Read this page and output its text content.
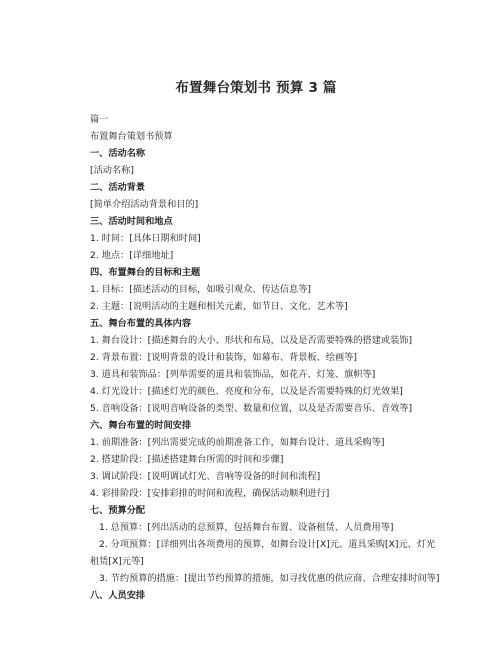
布置舞台策划书 预算 3 篇
篇一
布置舞台策划书预算
一、活动名称
[活动名称]
二、活动背景
[简单介绍活动背景和目的]
三、活动时间和地点
1. 时间：[具体日期和时间]
2. 地点：[详细地址]
四、布置舞台的目标和主题
1. 目标：[描述活动的目标，如吸引观众、传达信息等]
2. 主题：[说明活动的主题和相关元素，如节日、文化、艺术等]
五、舞台布置的具体内容
1. 舞台设计：[描述舞台的大小、形状和布局，以及是否需要特殊的搭建或装饰]
2. 背景布置：[说明背景的设计和装饰，如幕布、背景板、绘画等]
3. 道具和装饰品：[列举需要的道具和装饰品，如花卉、灯笼、旗帜等]
4. 灯光设计：[描述灯光的颜色、亮度和分布，以及是否需要特殊的灯光效果]
5. 音响设备：[说明音响设备的类型、数量和位置，以及是否需要音乐、音效等]
六、舞台布置的时间安排
1. 前期准备：[列出需要完成的前期准备工作，如舞台设计、道具采购等]
2. 搭建阶段：[描述搭建舞台所需的时间和步骤]
3. 调试阶段：[说明调试灯光、音响等设备的时间和流程]
4. 彩排阶段：[安排彩排的时间和流程，确保活动顺利进行]
七、预算分配
1. 总预算：[列出活动的总预算，包括舞台布置、设备租赁、人员费用等]
2. 分项预算：[详细列出各项费用的预算，如舞台设计[X]元、道具采购[X]元、灯光租赁[X]元等]
3. 节约预算的措施：[提出节约预算的措施，如寻找优惠的供应商、合理安排时间等]
八、人员安排
